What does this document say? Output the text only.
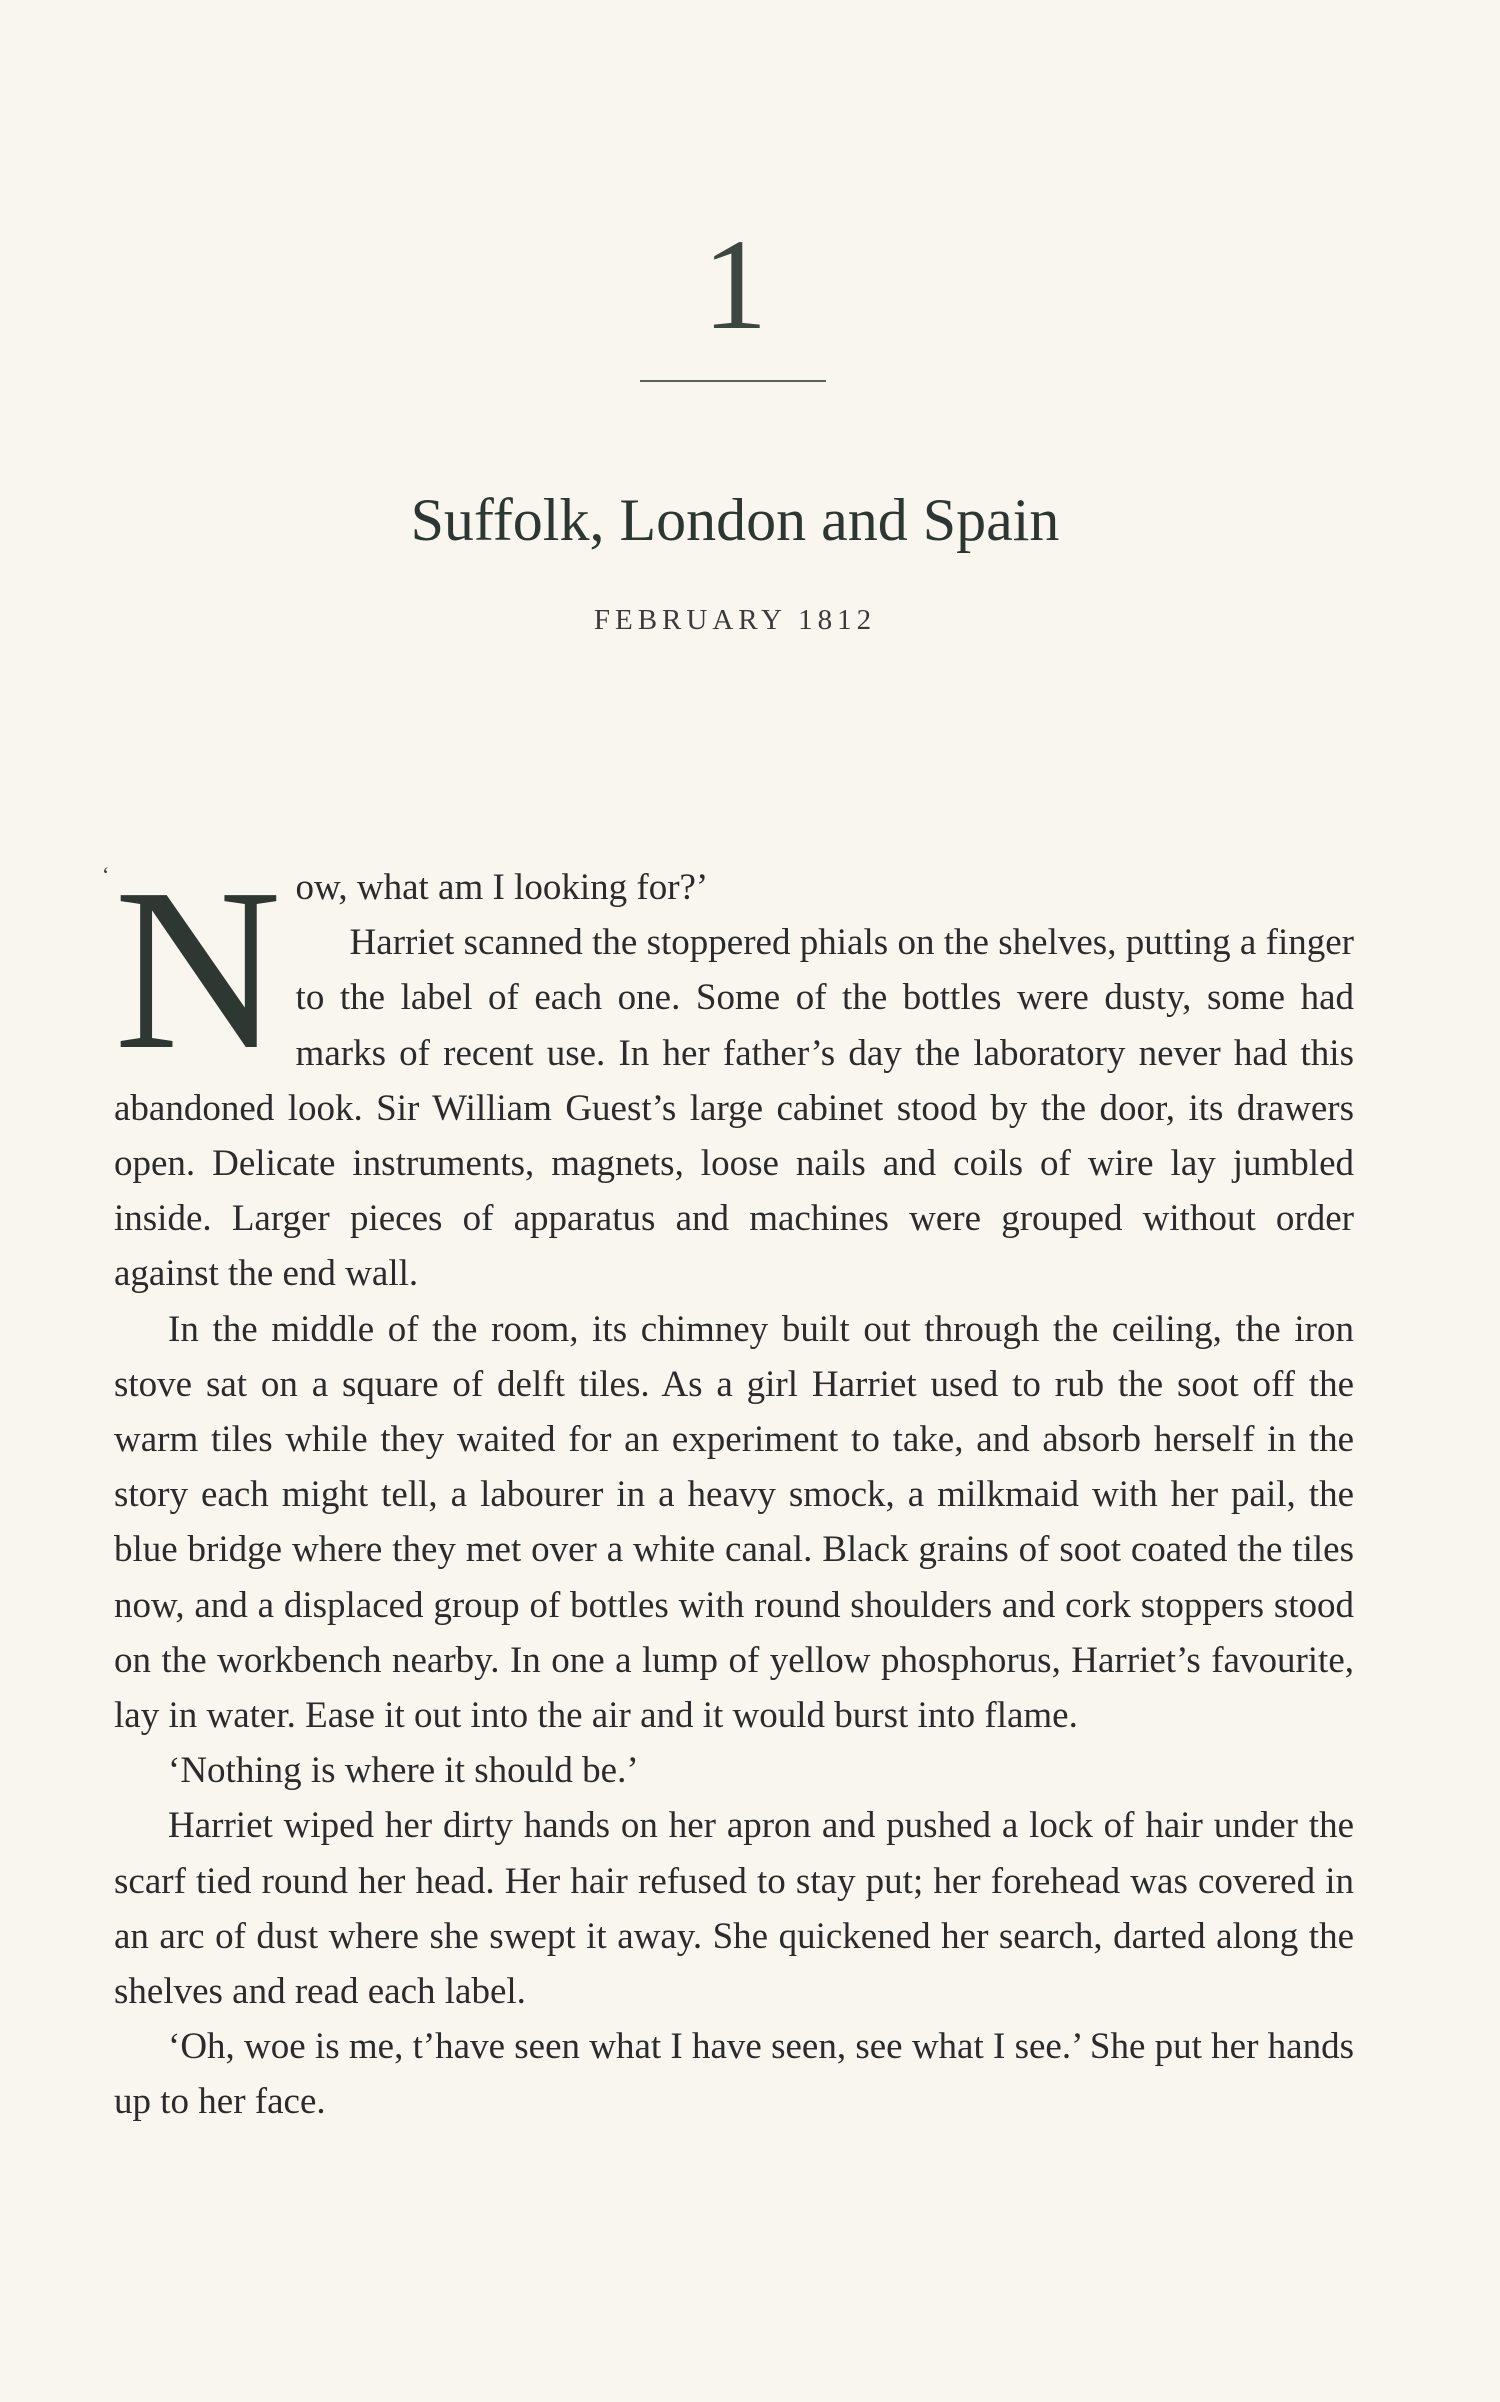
1
Suffolk, London and Spain
FEBRUARY 1812

‘ N ow, what am I looking for?’

Harriet scanned the stoppered phials on the shelves, putting a finger to the label of each one. Some of the bottles were dusty, some had marks of recent use. In her father’s day the laboratory never had this abandoned look. Sir William Guest’s large cabinet stood by the door, its drawers open. Delicate instruments, magnets, loose nails and coils of wire lay jumbled inside. Larger pieces of apparatus and machines were grouped without order against the end wall.

In the middle of the room, its chimney built out through the ceiling, the iron stove sat on a square of delft tiles. As a girl Harriet used to rub the soot off the warm tiles while they waited for an experiment to take, and absorb herself in the story each might tell, a labourer in a heavy smock, a milkmaid with her pail, the blue bridge where they met over a white canal. Black grains of soot coated the tiles now, and a displaced group of bottles with round shoulders and cork stoppers stood on the workbench nearby. In one a lump of yellow phosphorus, Harriet’s favourite, lay in water. Ease it out into the air and it would burst into flame.

‘Nothing is where it should be.’

Harriet wiped her dirty hands on her apron and pushed a lock of hair under the scarf tied round her head. Her hair refused to stay put; her forehead was covered in an arc of dust where she swept it away. She quickened her search, darted along the shelves and read each label.

‘Oh, woe is me, t’have seen what I have seen, see what I see.’ She put her hands up to her face.
